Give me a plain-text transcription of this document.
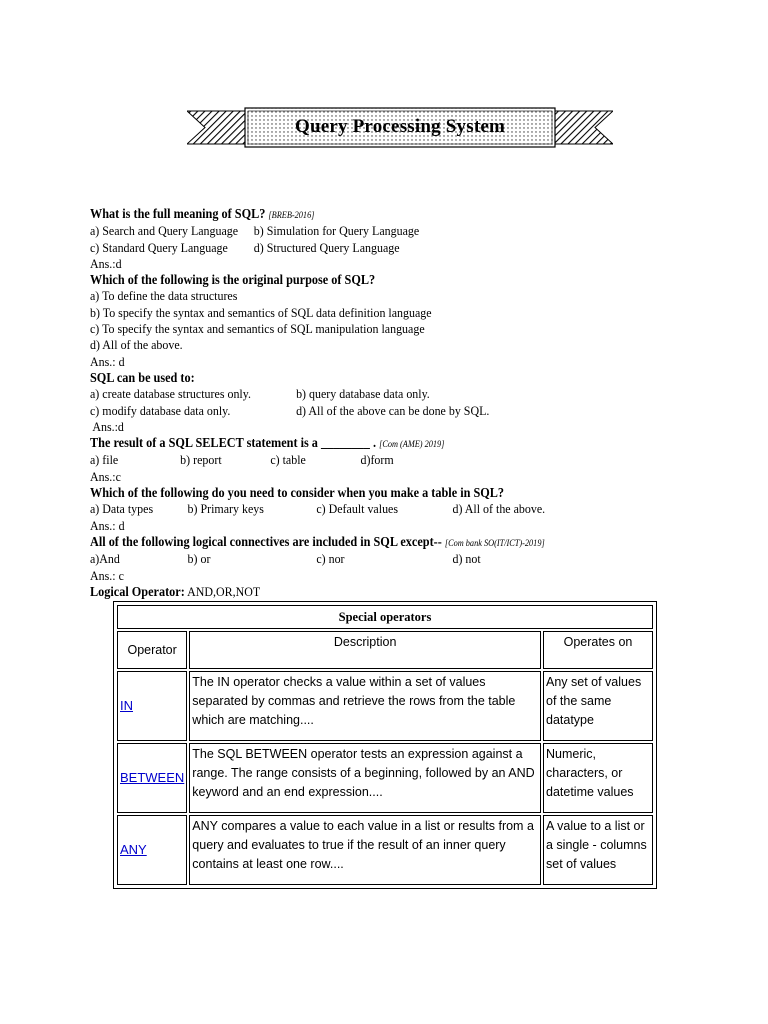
Query Processing System
What is the full meaning of SQL? [BREB-2016]
a) Search and Query Language	b) Simulation for Query Language
c) Standard Query Language	d) Structured Query Language
Ans.:d
Which of the following is the original purpose of SQL?
a) To define the data structures
b) To specify the syntax and semantics of SQL data definition language
c) To specify the syntax and semantics of SQL manipulation language
d) All of the above.
Ans.: d
SQL can be used to:
a) create database structures only.	b) query database data only.
c) modify database data only.	d) All of the above can be done by SQL.
Ans.:d
The result of a SQL SELECT statement is a ________ . [Com (AME) 2019]
a) file	b) report	c) table	d)form
Ans.:c
Which of the following do you need to consider when you make a table in SQL?
a) Data types	b) Primary keys	c) Default values	d) All of the above.
Ans.: d
All of the following logical connectives are included in SQL except-- [Com bank SO(IT/ICT)-2019]
a)And	b) or	c) nor	d) not
Ans.: c
Logical Operator: AND,OR,NOT
Special operators		
Operator	Description	Operates on
IN	The IN operator checks a value within a set of values separated by commas and retrieve the rows from the table which are matching....	Any set of values of the same datatype
BETWEEN	The SQL BETWEEN operator tests an expression against a range. The range consists of a beginning, followed by an AND keyword and an end expression....	Numeric, characters, or datetime values
ANY	ANY compares a value to each value in a list or results from a query and evaluates to true if the result of an inner query contains at least one row....	A value to a list or a single - columns set of values
